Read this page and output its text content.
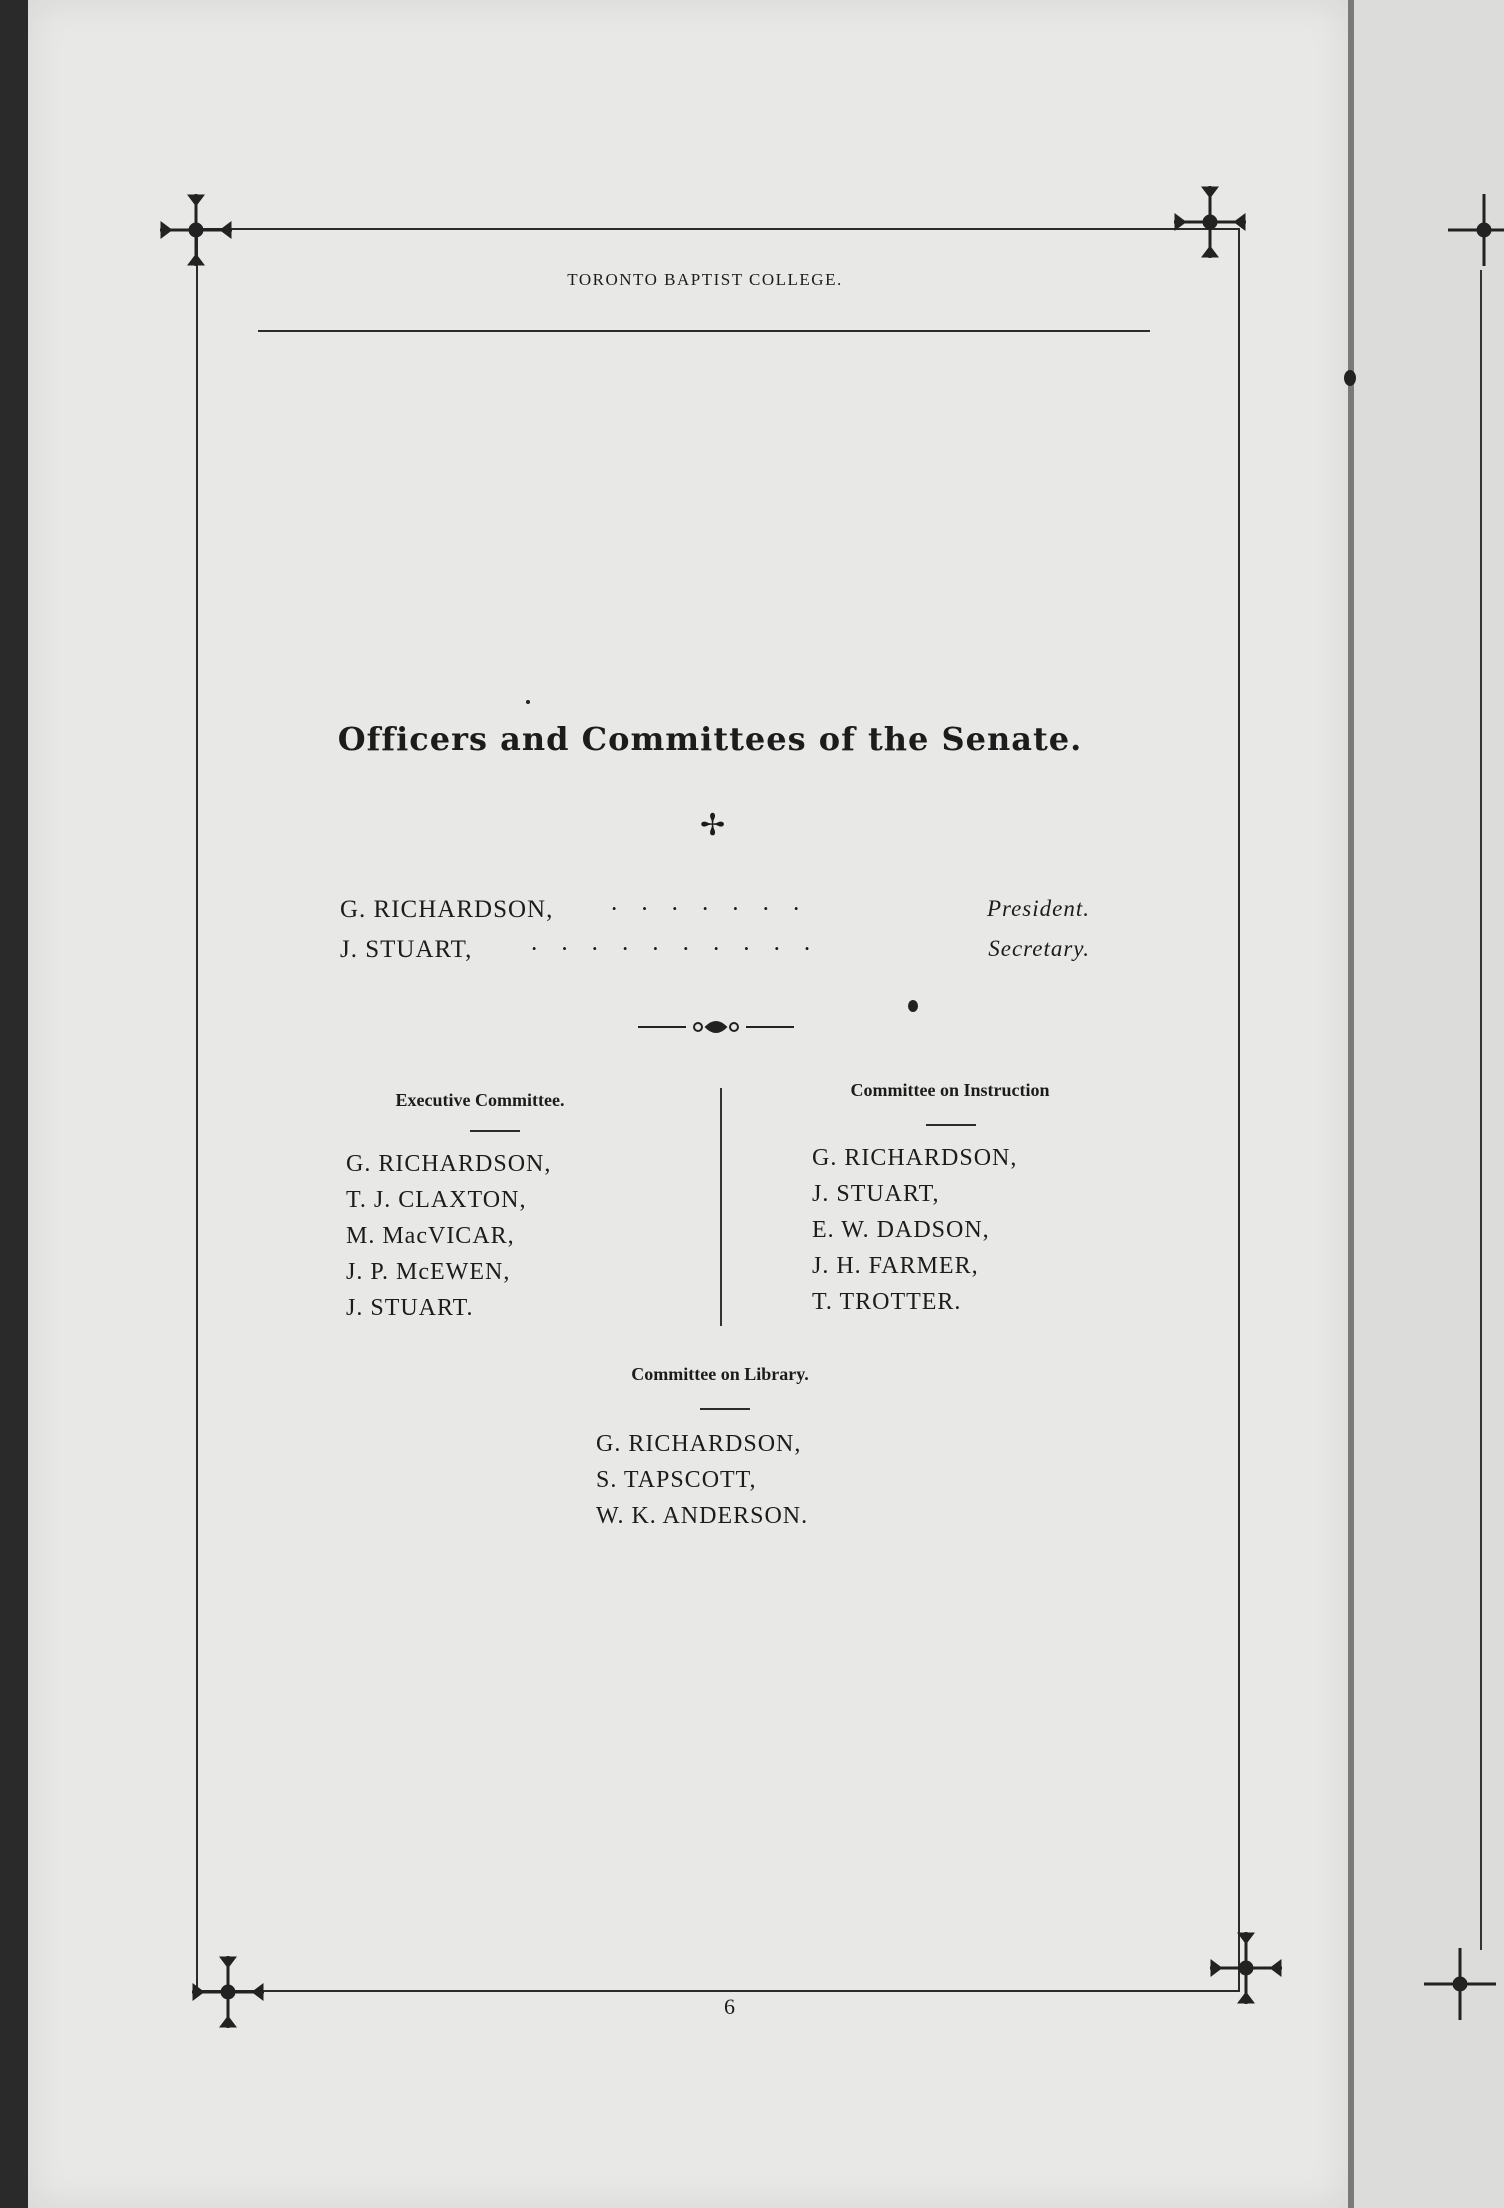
TORONTO BAPTIST COLLEGE.
Officers and Committees of the Senate.
✢
G. RICHARDSON, ·······	President.
J. STUART, ··········	Secretary.
Executive Committee.
G. RICHARDSON,
T. J. CLAXTON,
M. MacVICAR,
J. P. McEWEN,
J. STUART.
Committee on Instruction
G. RICHARDSON,
J. STUART,
E. W. DADSON,
J. H. FARMER,
T. TROTTER.
Committee on Library.
G. RICHARDSON,
S. TAPSCOTT,
W. K. ANDERSON.
6
